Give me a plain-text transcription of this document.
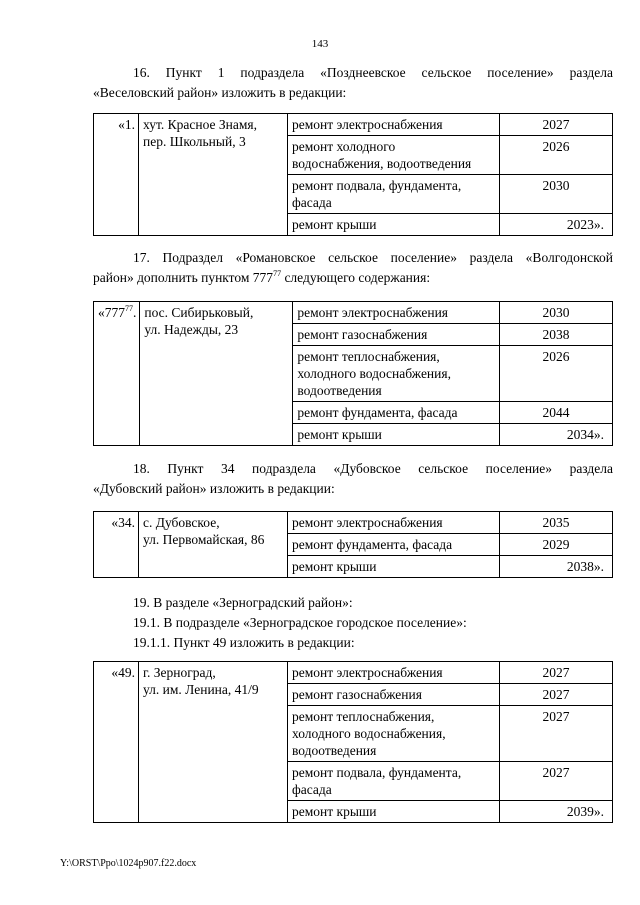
143

16. Пункт 1 подраздела «Позднеевское сельское поселение» раздела

«Веселовский район» изложить в редакции:

«1.	хут. Красное Знамя,
пер. Школьный, 3	ремонт электроснабжения	2027
		ремонт холодного
водоснабжения, водоотведения	2026
		ремонт подвала, фундамента,
фасада	2030
		ремонт крыши	2023».

17. Подраздел «Романовское сельское поселение» раздела «Волгодонской

район» дополнить пунктом $777^{77}$ следующего содержания:

«$777^{77}$.	пос. Сибирьковый,
ул. Надежды, 23	ремонт электроснабжения	2030
		ремонт газоснабжения	2038
		ремонт теплоснабжения,
холодного водоснабжения,
водоотведения	2026
		ремонт фундамента, фасада	2044
		ремонт крыши	2034».

18. Пункт 34 подраздела «Дубовское сельское поселение» раздела

«Дубовский район» изложить в редакции:

«34.	с. Дубовское,
ул. Первомайская, 86	ремонт электроснабжения	2035
		ремонт фундамента, фасада	2029
		ремонт крыши	2038».

19. В разделе «Зерноградский район»:

19.1. В подразделе «Зерноградское городское поселение»:

19.1.1. Пункт 49 изложить в редакции:

«49.	г. Зерноград,
ул. им. Ленина, 41/9	ремонт электроснабжения	2027
		ремонт газоснабжения	2027
		ремонт теплоснабжения,
холодного водоснабжения,
водоотведения	2027
		ремонт подвала, фундамента,
фасада	2027
		ремонт крыши	2039».
Y:\ORST\Ppo\1024p907.f22.docx
